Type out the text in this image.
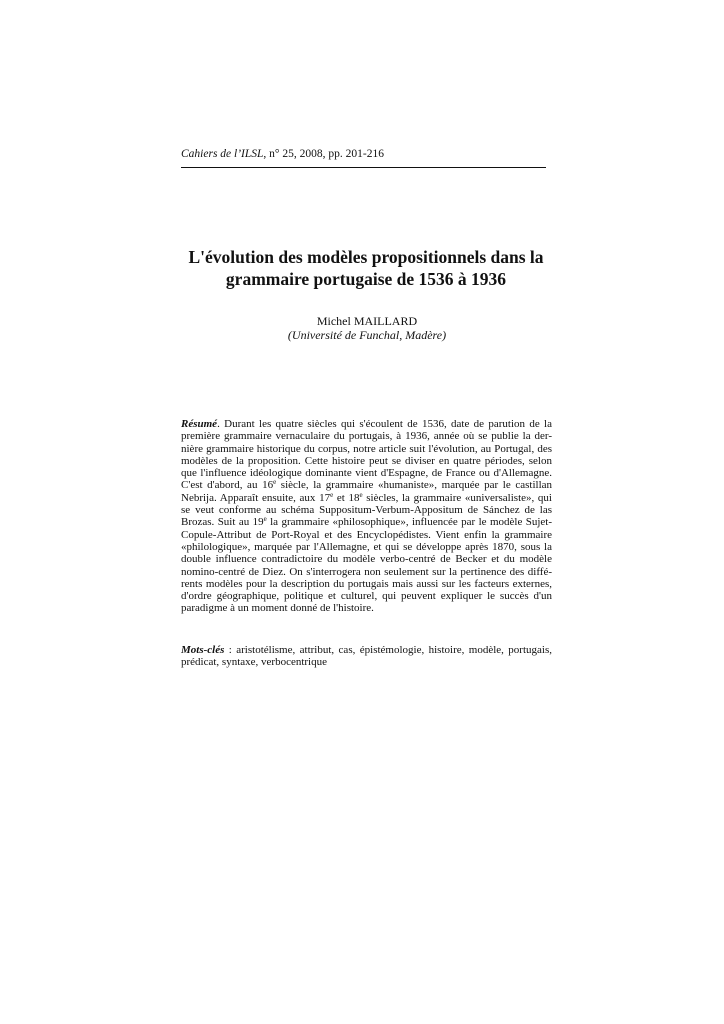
Cahiers de l’ILSL, n° 25, 2008, pp. 201-216
L'évolution des modèles propositionnels dans la
grammaire portugaise de 1536 à 1936
Michel MAILLARD
(Université de Funchal, Madère)
Résumé. Durant les quatre siècles qui s'écoulent de 1536, date de parution de la
première grammaire vernaculaire du portugais, à 1936, année où se publie la der-
nière grammaire historique du corpus, notre article suit l'évolution, au Portugal, des
modèles de la proposition. Cette histoire peut se diviser en quatre périodes, selon
que l'influence idéologique dominante vient d'Espagne, de France ou d'Allemagne.
C'est d'abord, au 16e siècle, la grammaire «humaniste», marquée par le castillan
Nebrija. Apparaît ensuite, aux 17e et 18e siècles, la grammaire «universaliste», qui
se veut conforme au schéma Suppositum-Verbum-Appositum de Sánchez de las
Brozas. Suit au 19e la grammaire «philosophique», influencée par le modèle Sujet-
Copule-Attribut de Port-Royal et des Encyclopédistes. Vient enfin la grammaire
«philologique», marquée par l'Allemagne, et qui se développe après 1870, sous la
double influence contradictoire du modèle verbo-centré de Becker et du modèle
nomino-centré de Diez. On s'interrogera non seulement sur la pertinence des diffé-
rents modèles pour la description du portugais mais aussi sur les facteurs externes,
d'ordre géographique, politique et culturel, qui peuvent expliquer le succès d'un
paradigme à un moment donné de l'histoire.
Mots-clés : aristotélisme, attribut, cas, épistémologie, histoire, modèle, portugais,
prédicat, syntaxe, verbocentrique
